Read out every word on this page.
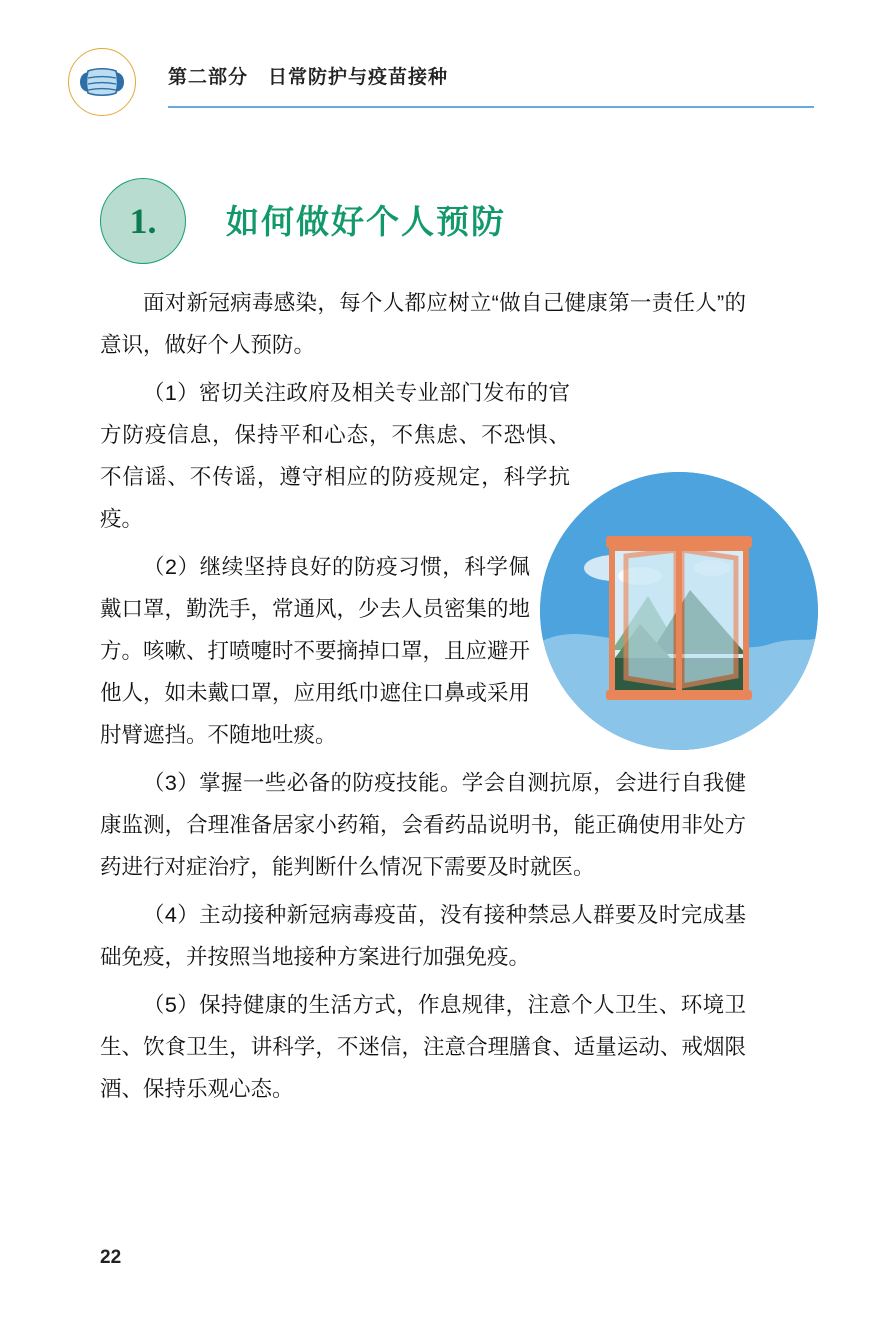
第二部分　日常防护与疫苗接种
1.	如何做好个人预防

面对新冠病毒感染，每个人都应树立“做自己健康第一责任人”的意识，做好个人预防。

（1）密切关注政府及相关专业部门发布的官方防疫信息，保持平和心态，不焦虑、不恐惧、不信谣、不传谣，遵守相应的防疫规定，科学抗疫。

（2）继续坚持良好的防疫习惯，科学佩戴口罩，勤洗手，常通风，少去人员密集的地方。咳嗽、打喷嚏时不要摘掉口罩，且应避开他人，如未戴口罩，应用纸巾遮住口鼻或采用肘臂遮挡。不随地吐痰。

（3）掌握一些必备的防疫技能。学会自测抗原，会进行自我健康监测，合理准备居家小药箱，会看药品说明书，能正确使用非处方药进行对症治疗，能判断什么情况下需要及时就医。

（4）主动接种新冠病毒疫苗，没有接种禁忌人群要及时完成基础免疫，并按照当地接种方案进行加强免疫。

（5）保持健康的生活方式，作息规律，注意个人卫生、环境卫生、饮食卫生，讲科学，不迷信，注意合理膳食、适量运动、戒烟限酒、保持乐观心态。

22
